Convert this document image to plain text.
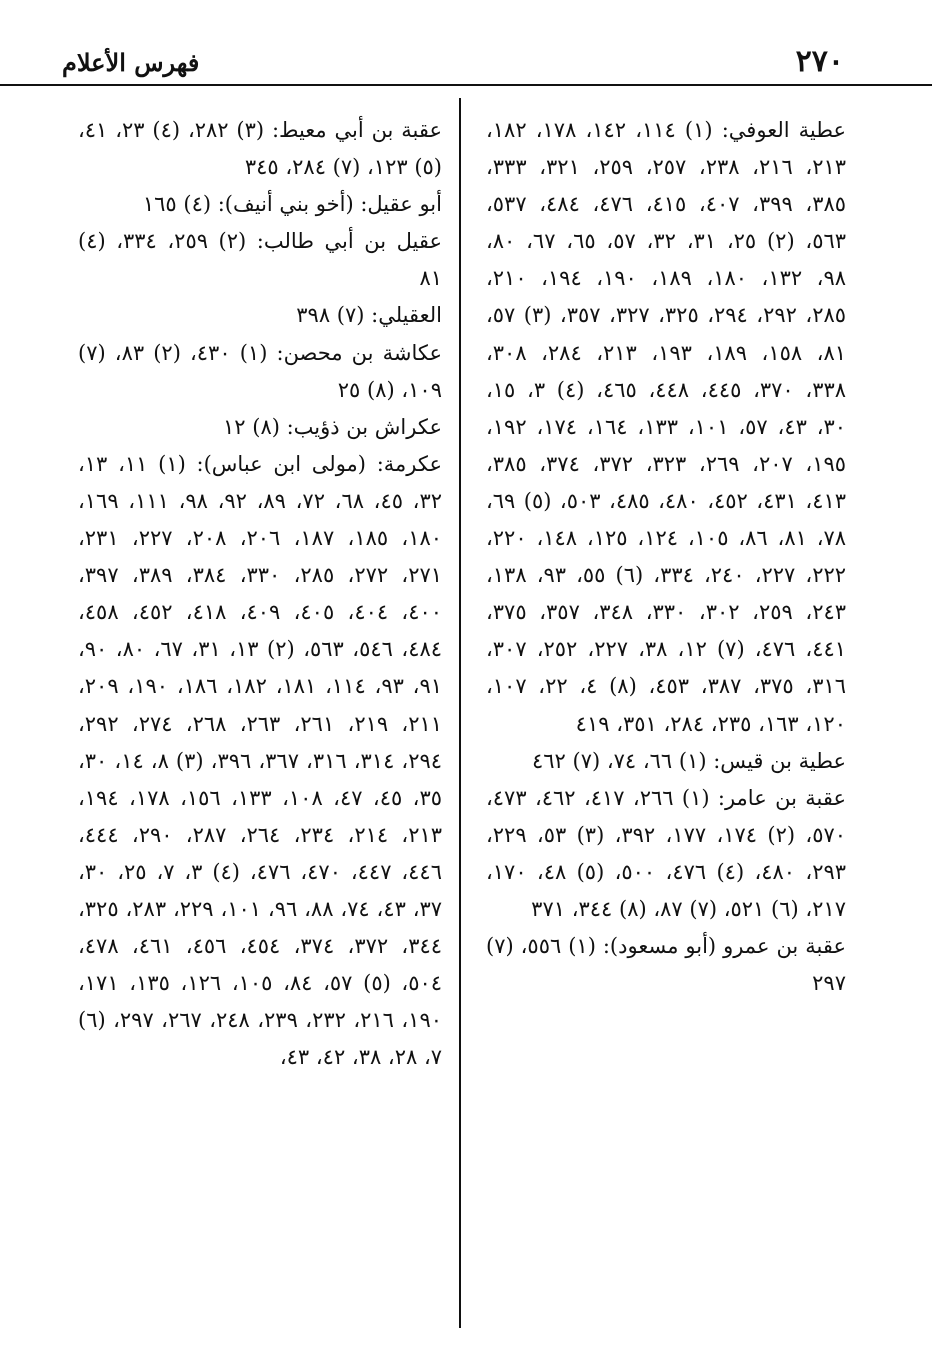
٢٧٠
فهرس الأعلام
عطية العوفي: (١) ١١٤، ١٤٢، ١٧٨، ١٨٢، ٢١٣، ٢١٦، ٢٣٨، ٢٥٧، ٢٥٩، ٣٢١، ٣٣٣، ٣٨٥، ٣٩٩، ٤٠٧، ٤١٥، ٤٧٦، ٤٨٤، ٥٣٧، ٥٦٣، (٢) ٢٥، ٣١، ٣٢، ٥٧، ٦٥، ٦٧، ٨٠، ٩٨، ١٣٢، ١٨٠، ١٨٩، ١٩٠، ١٩٤، ٢١٠، ٢٨٥، ٢٩٢، ٢٩٤، ٣٢٥، ٣٢٧، ٣٥٧، (٣) ٥٧، ٨١، ١٥٨، ١٨٩، ١٩٣، ٢١٣، ٢٨٤، ٣٠٨، ٣٣٨، ٣٧٠، ٤٤٥، ٤٤٨، ٤٦٥، (٤) ٣، ١٥، ٣٠، ٤٣، ٥٧، ١٠١، ١٣٣، ١٦٤، ١٧٤، ١٩٢، ١٩٥، ٢٠٧، ٢٦٩، ٣٢٣، ٣٧٢، ٣٧٤، ٣٨٥، ٤١٣، ٤٣١، ٤٥٢، ٤٨٠، ٤٨٥، ٥٠٣، (٥) ٦٩، ٧٨، ٨١، ٨٦، ١٠٥، ١٢٤، ١٢٥، ١٤٨، ٢٢٠، ٢٢٢، ٢٢٧، ٢٤٠، ٣٣٤، (٦) ٥٥، ٩٣، ١٣٨، ٢٤٣، ٢٥٩، ٣٠٢، ٣٣٠، ٣٤٨، ٣٥٧، ٣٧٥، ٤٤١، ٤٧٦، (٧) ١٢، ٣٨، ٢٢٧، ٢٥٢، ٣٠٧، ٣١٦، ٣٧٥، ٣٨٧، ٤٥٣، (٨) ٤، ٢٢، ١٠٧، ١٢٠، ١٦٣، ٢٣٥، ٢٨٤، ٣٥١، ٤١٩
عطية بن قيس: (١) ٦٦، ٧٤، (٧) ٤٦٢
عقبة بن عامر: (١) ٢٦٦، ٤١٧، ٤٦٢، ٤٧٣، ٥٧٠، (٢) ١٧٤، ١٧٧، ٣٩٢، (٣) ٥٣، ٢٢٩، ٢٩٣، ٤٨٠، (٤) ٤٧٦، ٥٠٠، (٥) ٤٨، ١٧٠، ٢١٧، (٦) ٥٢١، (٧) ٨٧، (٨) ٣٤٤، ٣٧١
عقبة بن عمرو (أبو مسعود): (١) ٥٥٦، (٧) ٢٩٧
عقبة بن أبي معيط: (٣) ٢٨٢، (٤) ٢٣، ٤١، (٥) ١٢٣، (٧) ٢٨٤، ٣٤٥
أبو عقيل: (أخو بني أنيف): (٤) ١٦٥
عقيل بن أبي طالب: (٢) ٢٥٩، ٣٣٤، (٤) ٨١
العقيلي: (٧) ٣٩٨
عكاشة بن محصن: (١) ٤٣٠، (٢) ٨٣، (٧) ١٠٩، (٨) ٢٥
عكراش بن ذؤيب: (٨) ١٢
عكرمة: (مولى ابن عباس): (١) ١١، ١٣، ٣٢، ٤٥، ٦٨، ٧٢، ٨٩، ٩٢، ٩٨، ١١١، ١٦٩، ١٨٠، ١٨٥، ١٨٧، ٢٠٦، ٢٠٨، ٢٢٧، ٢٣١، ٢٧١، ٢٧٢، ٢٨٥، ٣٣٠، ٣٨٤، ٣٨٩، ٣٩٧، ٤٠٠، ٤٠٤، ٤٠٥، ٤٠٩، ٤١٨، ٤٥٢، ٤٥٨، ٤٨٤، ٥٤٦، ٥٦٣، (٢) ١٣، ٣١، ٦٧، ٨٠، ٩٠، ٩١، ٩٣، ١١٤، ١٨١، ١٨٢، ١٨٦، ١٩٠، ٢٠٩، ٢١١، ٢١٩، ٢٦١، ٢٦٣، ٢٦٨، ٢٧٤، ٢٩٢، ٢٩٤، ٣١٤، ٣١٦، ٣٦٧، ٣٩٦، (٣) ٨، ١٤، ٣٠، ٣٥، ٤٥، ٤٧، ١٠٨، ١٣٣، ١٥٦، ١٧٨، ١٩٤، ٢١٣، ٢١٤، ٢٣٤، ٢٦٤، ٢٨٧، ٢٩٠، ٤٤٤، ٤٤٦، ٤٤٧، ٤٧٠، ٤٧٦، (٤) ٣، ٧، ٢٥، ٣٠، ٣٧، ٤٣، ٧٤، ٨٨، ٩٦، ١٠١، ٢٢٩، ٢٨٣، ٣٢٥، ٣٤٤، ٣٧٢، ٣٧٤، ٤٥٤، ٤٥٦، ٤٦١، ٤٧٨، ٥٠٤، (٥) ٥٧، ٨٤، ١٠٥، ١٢٦، ١٣٥، ١٧١، ١٩٠، ٢١٦، ٢٣٢، ٢٣٩، ٢٤٨، ٢٦٧، ٢٩٧، (٦) ٧، ٢٨، ٣٨، ٤٢، ٤٣،
